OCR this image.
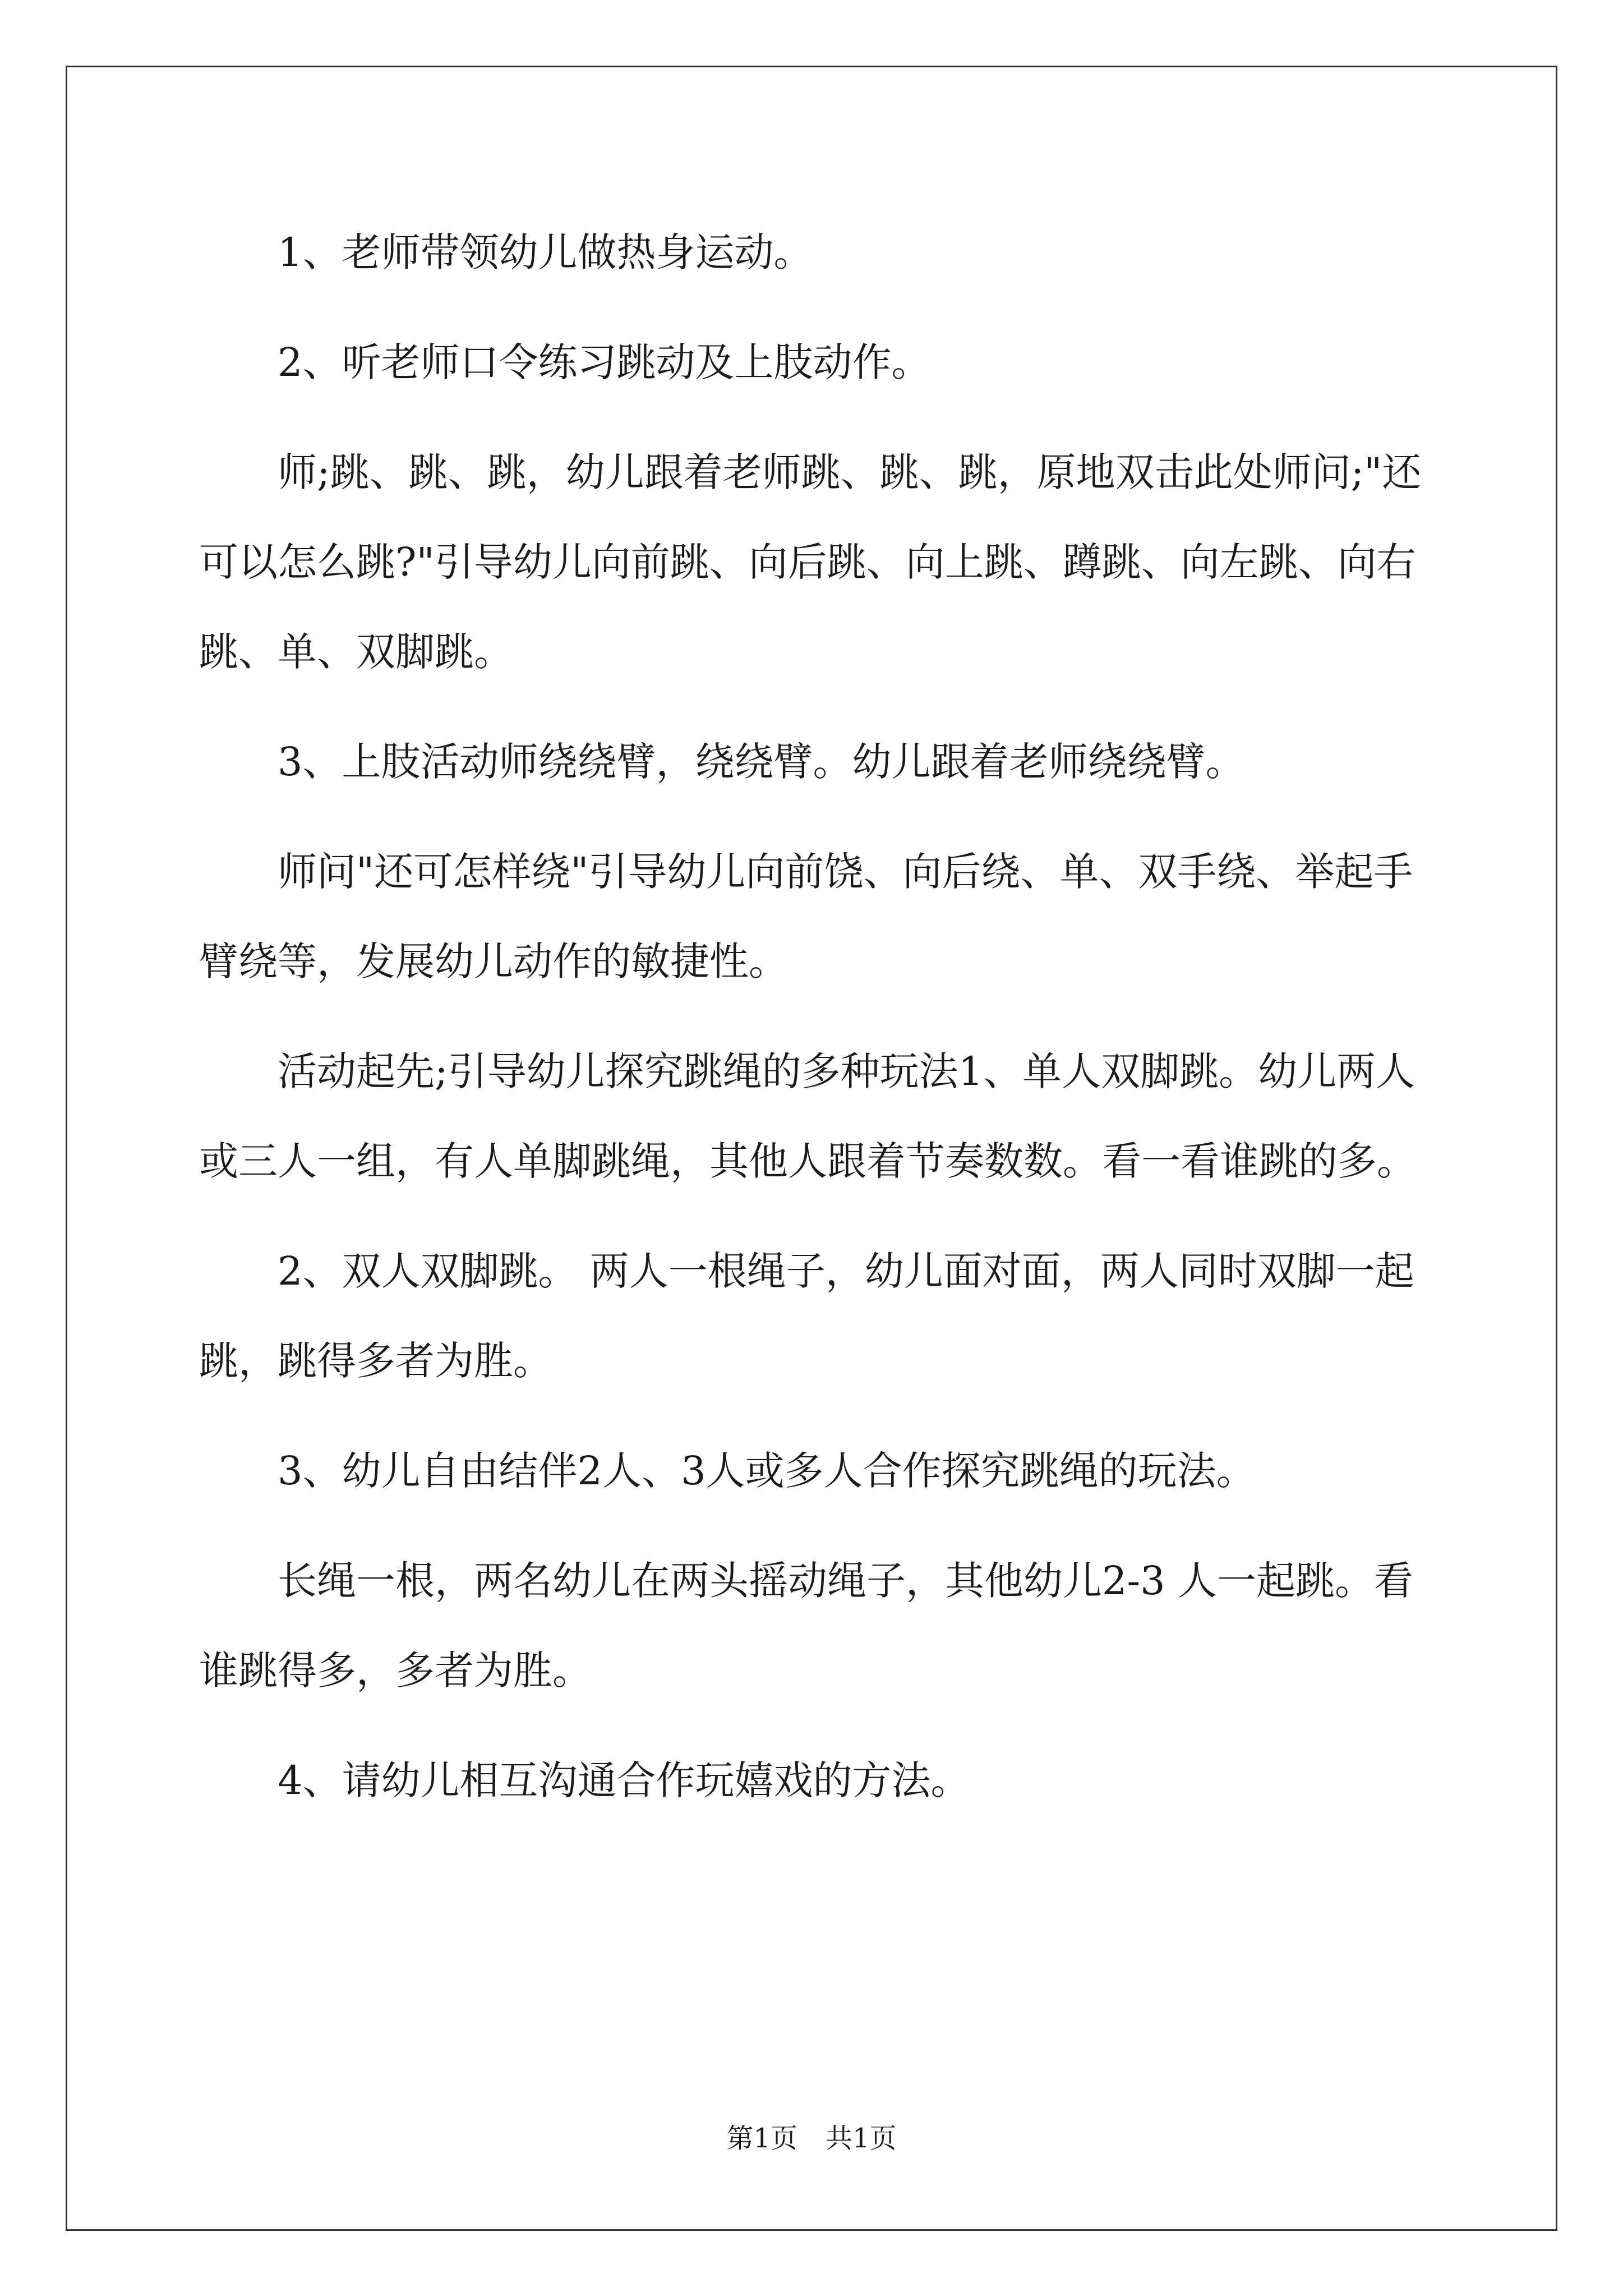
1、老师带领幼儿做热身运动。

2、听老师口令练习跳动及上肢动作。

师;跳、跳、跳，幼儿跟着老师跳、跳、跳，原地双击此处师问;"还可以怎么跳?"引导幼儿向前跳、向后跳、向上跳、蹲跳、向左跳、向右跳、单、双脚跳。

3、上肢活动师绕绕臂，绕绕臂。幼儿跟着老师绕绕臂。

师问"还可怎样绕"引导幼儿向前饶、向后绕、单、双手绕、举起手臂绕等，发展幼儿动作的敏捷性。

活动起先;引导幼儿探究跳绳的多种玩法1、单人双脚跳。幼儿两人或三人一组，有人单脚跳绳，其他人跟着节奏数数。看一看谁跳的多。

2、双人双脚跳。 两人一根绳子，幼儿面对面，两人同时双脚一起跳，跳得多者为胜。

3、幼儿自由结伴2人、3人或多人合作探究跳绳的玩法。

长绳一根，两名幼儿在两头摇动绳子，其他幼儿2-3 人一起跳。看谁跳得多，多者为胜。

4、请幼儿相互沟通合作玩嬉戏的方法。

第1页 共1页
